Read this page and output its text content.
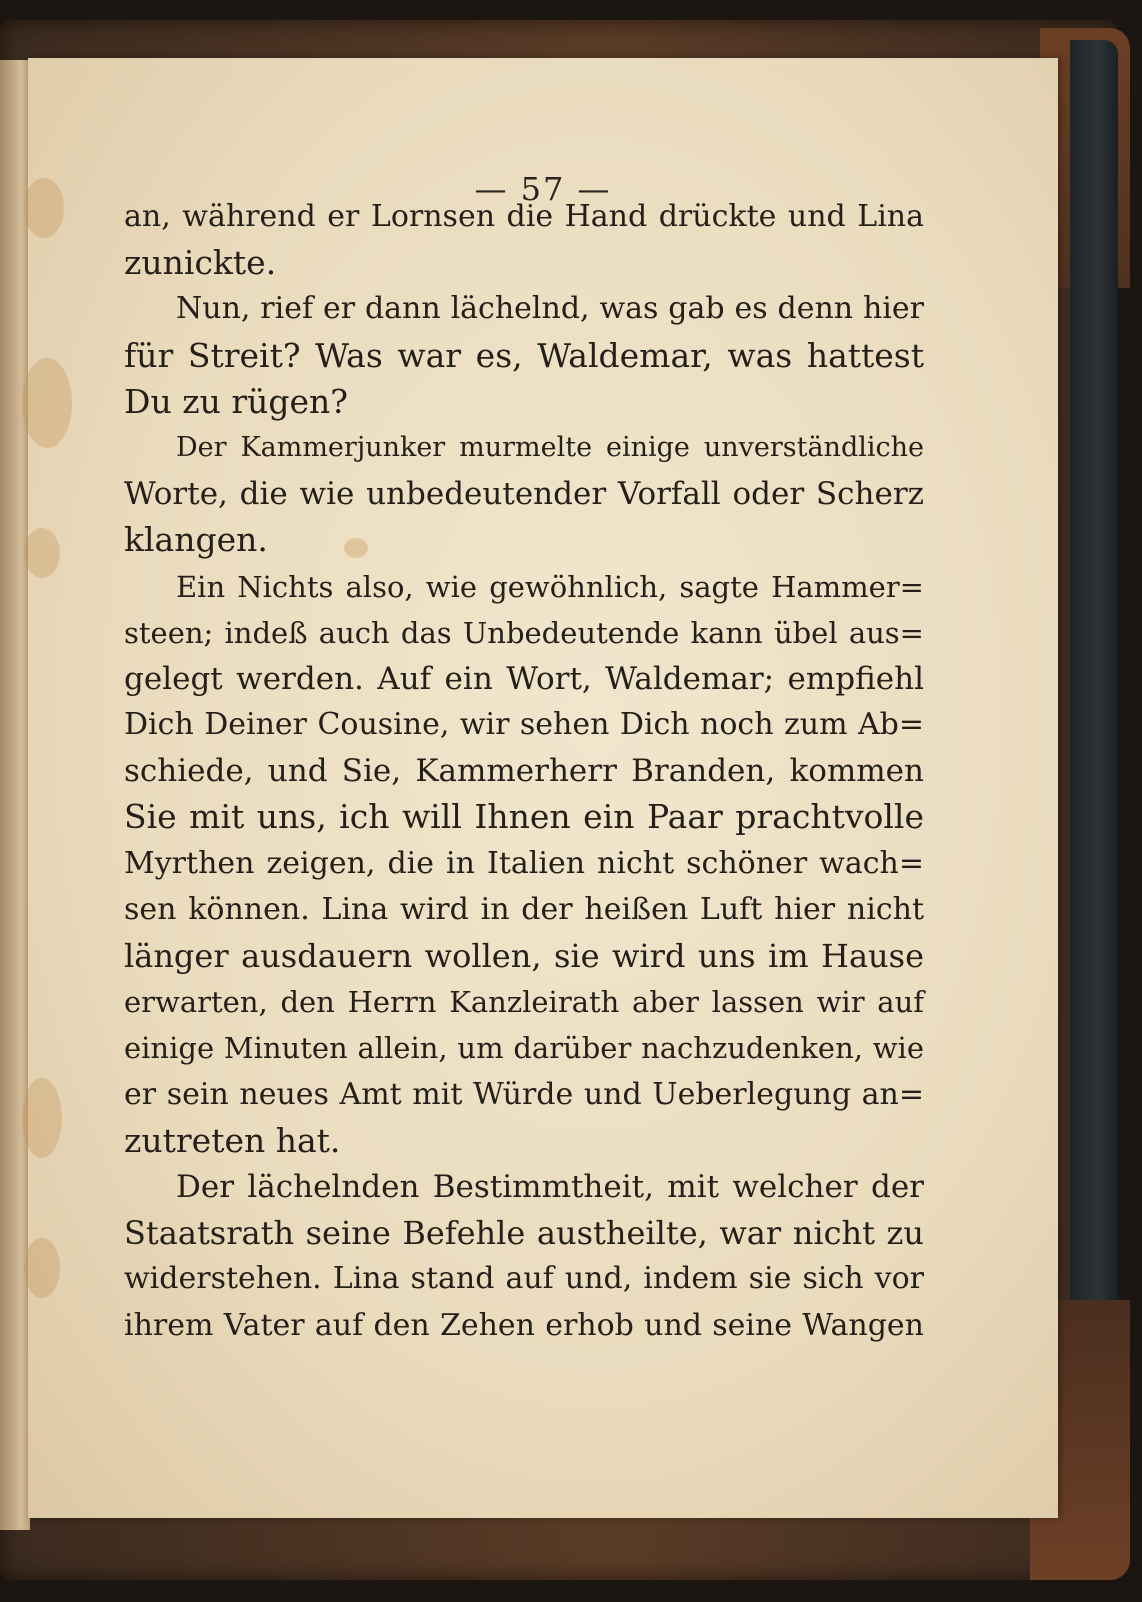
— 57 —
an, während er Lornsen die Hand drückte und Lina
zunickte.
Nun, rief er dann lächelnd, was gab es denn hier
für Streit? Was war es, Waldemar, was hattest
Du zu rügen?
Der Kammerjunker murmelte einige unverständliche
Worte, die wie unbedeutender Vorfall oder Scherz
klangen.
Ein Nichts also, wie gewöhnlich, sagte Hammer=
steen; indeß auch das Unbedeutende kann übel aus=
gelegt werden. Auf ein Wort, Waldemar; empfiehl
Dich Deiner Cousine, wir sehen Dich noch zum Ab=
schiede, und Sie, Kammerherr Branden, kommen
Sie mit uns, ich will Ihnen ein Paar prachtvolle
Myrthen zeigen, die in Italien nicht schöner wach=
sen können. Lina wird in der heißen Luft hier nicht
länger ausdauern wollen, sie wird uns im Hause
erwarten, den Herrn Kanzleirath aber lassen wir auf
einige Minuten allein, um darüber nachzudenken, wie
er sein neues Amt mit Würde und Ueberlegung an=
zutreten hat.
Der lächelnden Bestimmtheit, mit welcher der
Staatsrath seine Befehle austheilte, war nicht zu
widerstehen. Lina stand auf und, indem sie sich vor
ihrem Vater auf den Zehen erhob und seine Wangen
